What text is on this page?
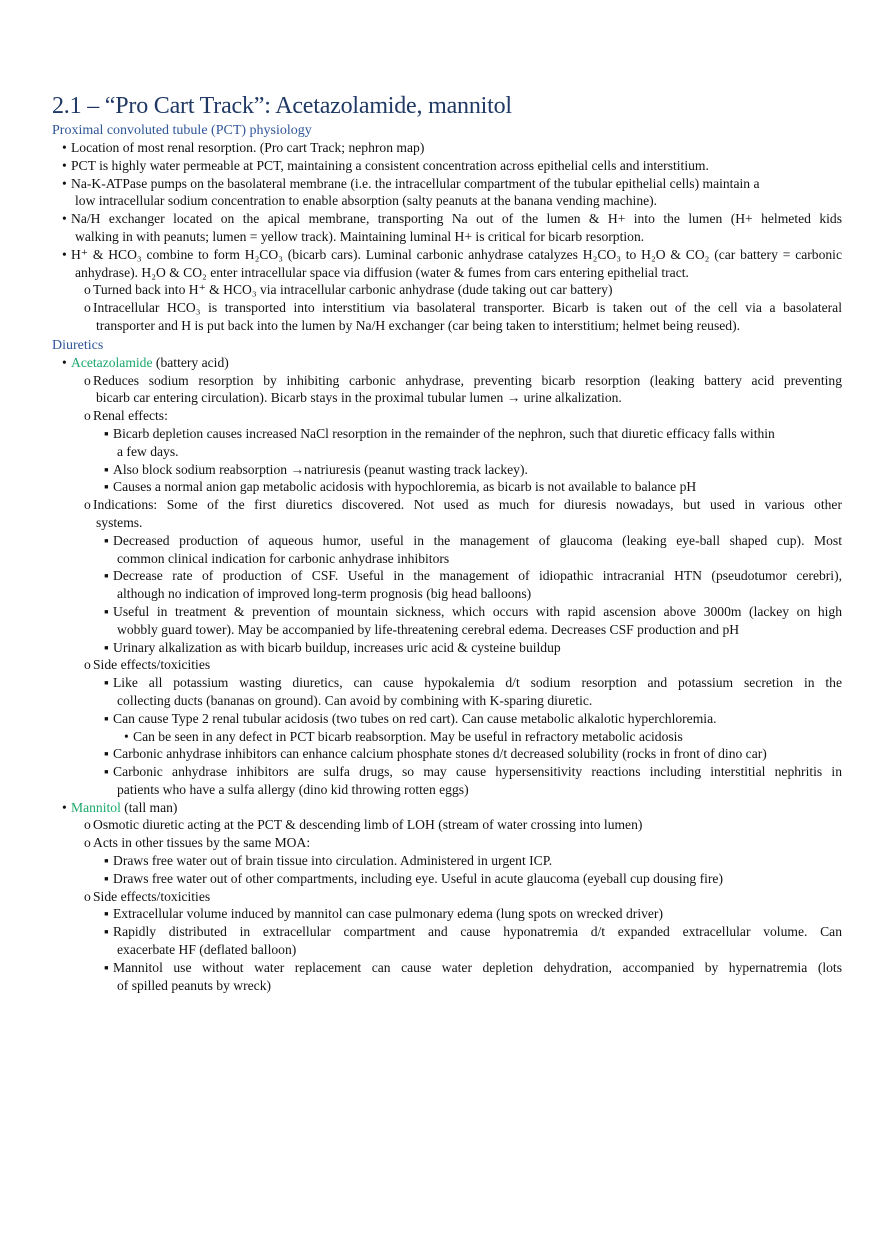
2.1 – “Pro Cart Track”: Acetazolamide, mannitol
Proximal convoluted tubule (PCT) physiology
• Location of most renal resorption. (Pro cart Track; nephron map)
• PCT is highly water permeable at PCT, maintaining a consistent concentration across epithelial cells and interstitium.
• Na-K-ATPase pumps on the basolateral membrane (i.e. the intracellular compartment of the tubular epithelial cells) maintain a
low intracellular sodium concentration to enable absorption (salty peanuts at the banana vending machine).
• Na/H exchanger located on the apical membrane, transporting Na out of the lumen & H+ into the lumen (H+ helmeted kids
walking in with peanuts; lumen = yellow track). Maintaining luminal H+ is critical for bicarb resorption.
• H⁺ & HCO₃ combine to form H₂CO₃ (bicarb cars). Luminal carbonic anhydrase catalyzes H₂CO₃ to H₂O & CO₂ (car battery = carbonic
anhydrase). H₂O & CO₂ enter intracellular space via diffusion (water & fumes from cars entering epithelial tract.
o Turned back into H⁺ & HCO₃ via intracellular carbonic anhydrase (dude taking out car battery)
o Intracellular HCO₃ is transported into interstitium via basolateral transporter. Bicarb is taken out of the cell via a basolateral
transporter and H is put back into the lumen by Na/H exchanger (car being taken to interstitium; helmet being reused).
Diuretics
• Acetazolamide (battery acid)
o Reduces sodium resorption by inhibiting carbonic anhydrase, preventing bicarb resorption (leaking battery acid preventing
bicarb car entering circulation). Bicarb stays in the proximal tubular lumen → urine alkalization.
o Renal effects:
▪ Bicarb depletion causes increased NaCl resorption in the remainder of the nephron, such that diuretic efficacy falls within
a few days.
▪ Also block sodium reabsorption →natriuresis (peanut wasting track lackey).
▪ Causes a normal anion gap metabolic acidosis with hypochloremia, as bicarb is not available to balance pH
o Indications: Some of the first diuretics discovered. Not used as much for diuresis nowadays, but used in various other
systems.
▪ Decreased production of aqueous humor, useful in the management of glaucoma (leaking eye-ball shaped cup). Most
common clinical indication for carbonic anhydrase inhibitors
▪ Decrease rate of production of CSF. Useful in the management of idiopathic intracranial HTN (pseudotumor cerebri),
although no indication of improved long-term prognosis (big head balloons)
▪ Useful in treatment & prevention of mountain sickness, which occurs with rapid ascension above 3000m (lackey on high
wobbly guard tower). May be accompanied by life-threatening cerebral edema. Decreases CSF production and pH
▪ Urinary alkalization as with bicarb buildup, increases uric acid & cysteine buildup
o Side effects/toxicities
▪ Like all potassium wasting diuretics, can cause hypokalemia d/t sodium resorption and potassium secretion in the
collecting ducts (bananas on ground). Can avoid by combining with K-sparing diuretic.
▪ Can cause Type 2 renal tubular acidosis (two tubes on red cart). Can cause metabolic alkalotic hyperchloremia.
• Can be seen in any defect in PCT bicarb reabsorption. May be useful in refractory metabolic acidosis
▪ Carbonic anhydrase inhibitors can enhance calcium phosphate stones d/t decreased solubility (rocks in front of dino car)
▪ Carbonic anhydrase inhibitors are sulfa drugs, so may cause hypersensitivity reactions including interstitial nephritis in
patients who have a sulfa allergy (dino kid throwing rotten eggs)
• Mannitol (tall man)
o Osmotic diuretic acting at the PCT & descending limb of LOH (stream of water crossing into lumen)
o Acts in other tissues by the same MOA:
▪ Draws free water out of brain tissue into circulation. Administered in urgent ICP.
▪ Draws free water out of other compartments, including eye. Useful in acute glaucoma (eyeball cup dousing fire)
o Side effects/toxicities
▪ Extracellular volume induced by mannitol can case pulmonary edema (lung spots on wrecked driver)
▪ Rapidly distributed in extracellular compartment and cause hyponatremia d/t expanded extracellular volume. Can
exacerbate HF (deflated balloon)
▪ Mannitol use without water replacement can cause water depletion dehydration, accompanied by hypernatremia (lots
of spilled peanuts by wreck)
